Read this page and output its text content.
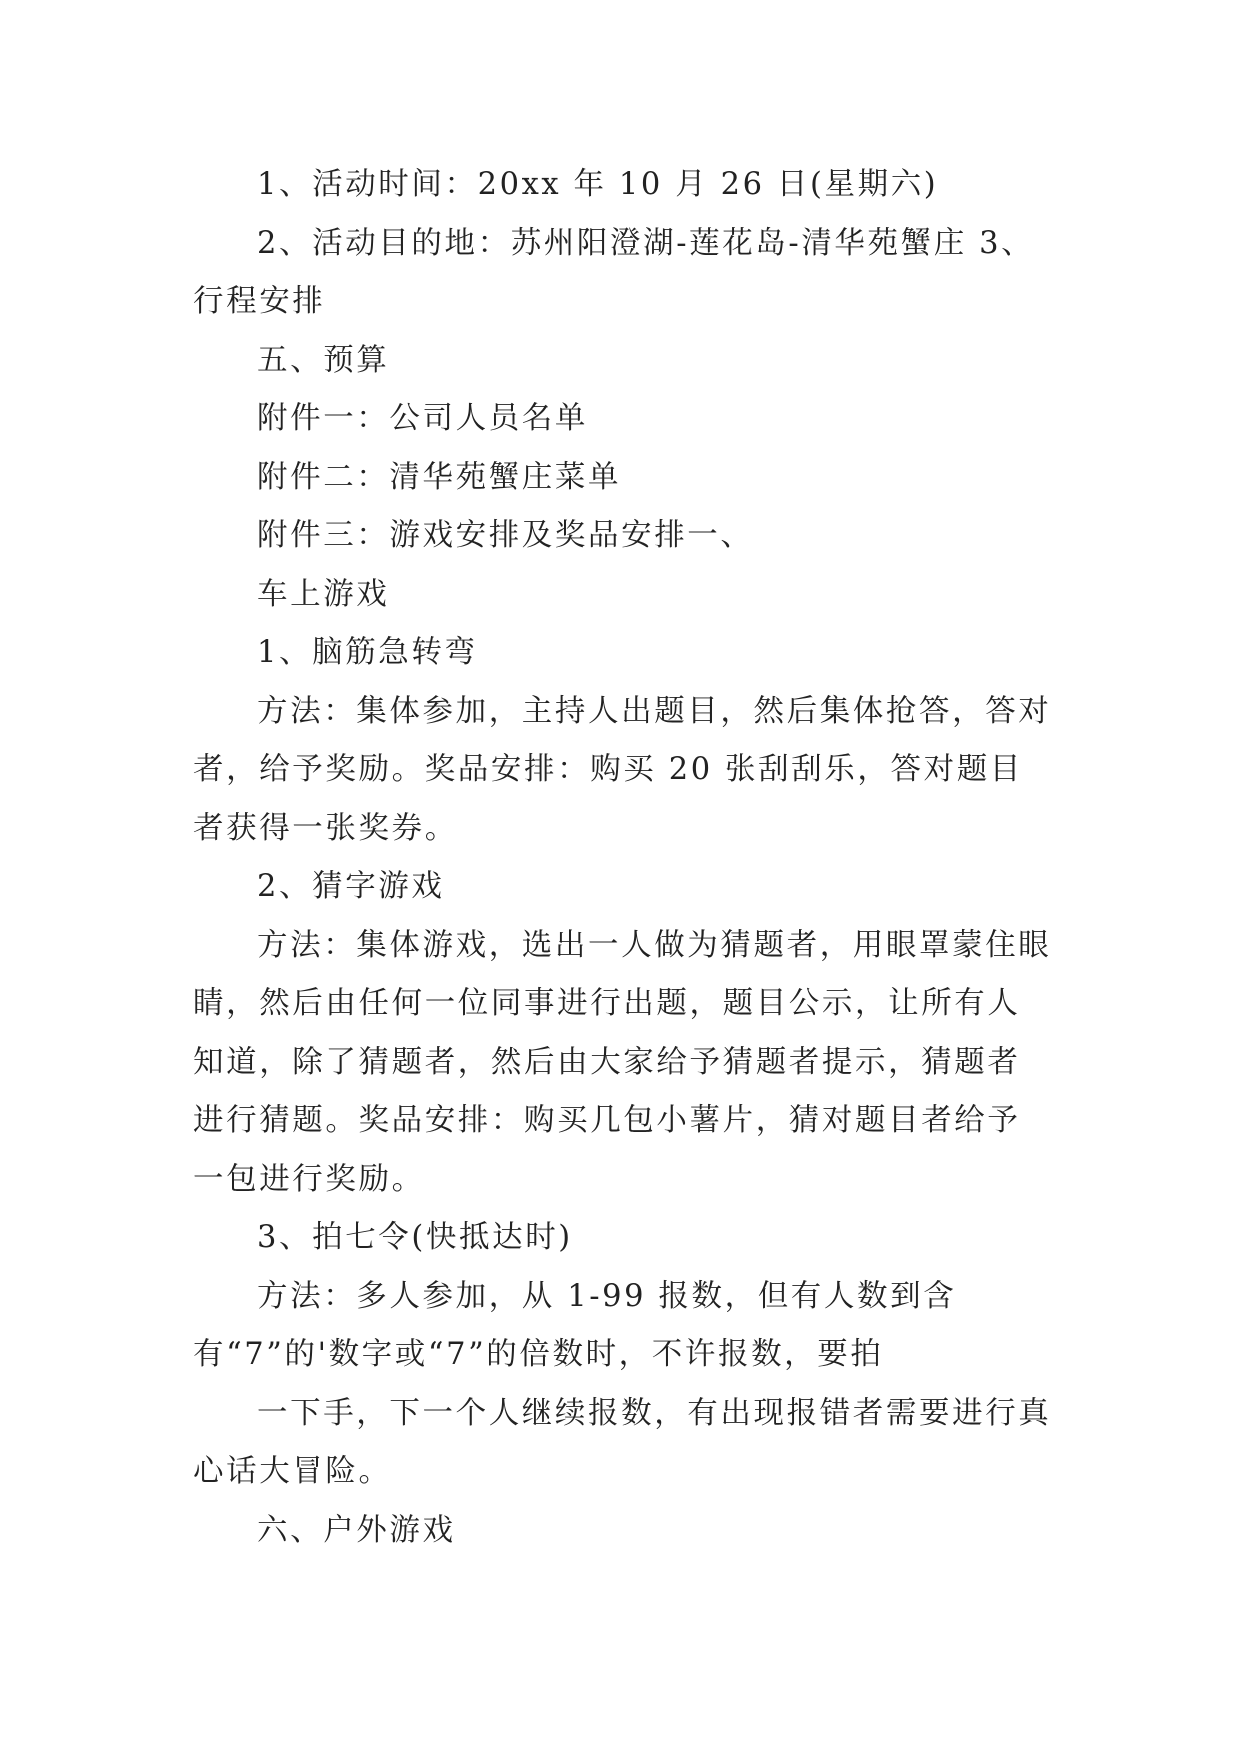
1、活动时间：20xx 年 10 月 26 日(星期六)

2、活动目的地：苏州阳澄湖-莲花岛-清华苑蟹庄 3、行程安排

五、预算

附件一：公司人员名单

附件二：清华苑蟹庄菜单

附件三：游戏安排及奖品安排一、

车上游戏

1、脑筋急转弯

方法：集体参加，主持人出题目，然后集体抢答，答对者，给予奖励。奖品安排：购买 20 张刮刮乐，答对题目者获得一张奖券。

2、猜字游戏

方法：集体游戏，选出一人做为猜题者，用眼罩蒙住眼睛，然后由任何一位同事进行出题，题目公示，让所有人知道，除了猜题者，然后由大家给予猜题者提示，猜题者进行猜题。奖品安排：购买几包小薯片，猜对题目者给予一包进行奖励。

3、拍七令(快抵达时)

方法：多人参加，从 1-99 报数，但有人数到含有“7”的'数字或“7”的倍数时，不许报数，要拍

一下手，下一个人继续报数，有出现报错者需要进行真心话大冒险。

六、户外游戏
